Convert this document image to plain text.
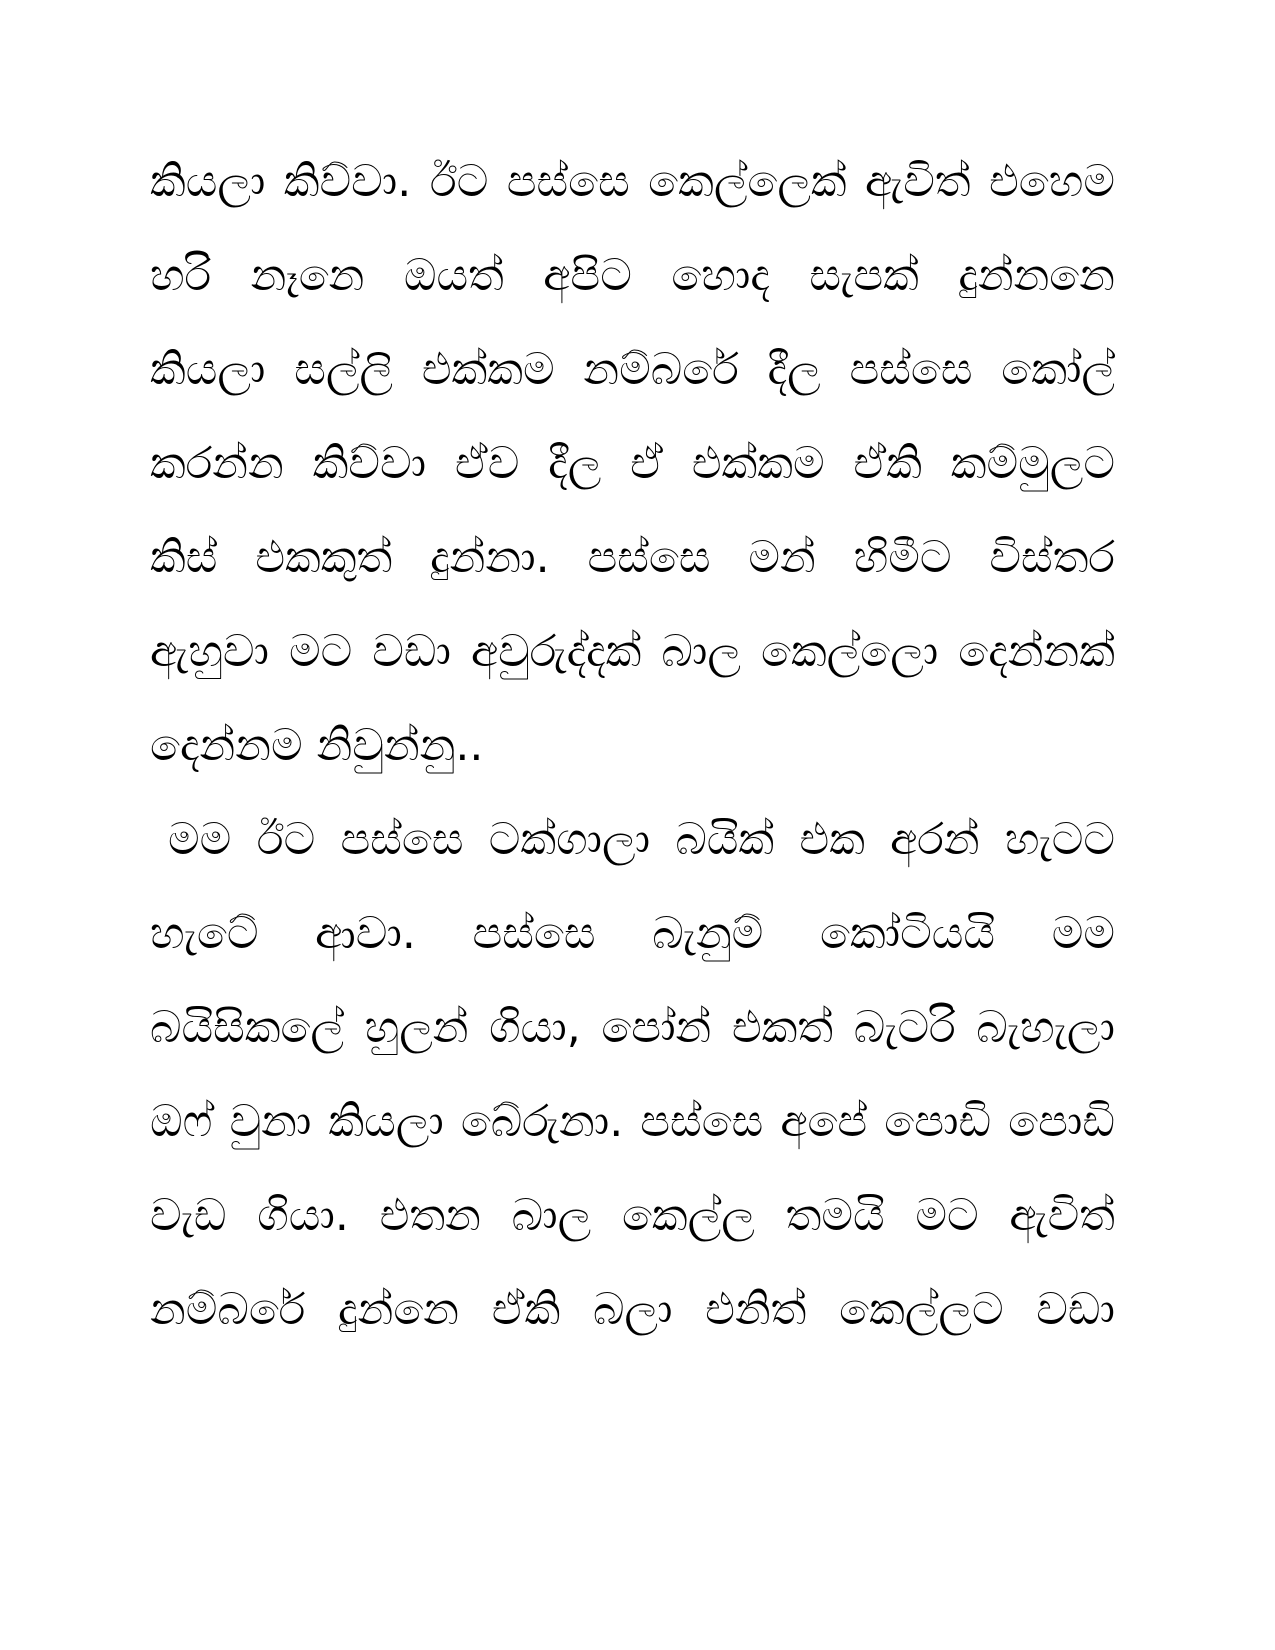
කියලා කිව්වා. ඊට පස්සෙ කෙල්ලෙක් ඇවිත් එහෙම
හරි නෑනෙ ඔයත් අපිට හොද සැපක් දුන්නනෙ
කියලා සල්ලි එක්කම නම්බරේ දීල පස්සෙ කෝල්
කරන්න කිව්වා ඒව දීල ඒ එක්කම ඒකි කම්මුලට
කිස් එකකුත් දුන්නා. පස්සෙ මන් හිමීට විස්තර
ඇහුවා මට වඩා අවුරුද්දක් බාල කෙල්ලො දෙන්නක්
දෙන්නම නිවුන්නු..
මම ඊට පස්සෙ ටක්ගාලා බයික් එක අරන් හැටට
හැටේ ආවා. පස්සෙ බැනුම් කෝටියයි මම
බයිසිකලේ හුලන් ගියා, පෝන් එකත් බැටරි බැහැලා
ඔෆ් වුනා කියලා බේරුනා. පස්සෙ අපේ පොඩි පොඩි
වැඩ ගියා. එතන බාල කෙල්ල තමයි මට ඇවිත්
නම්බරේ දුන්නෙ ඒකි බලා එනිත් කෙල්ලට වඩා
